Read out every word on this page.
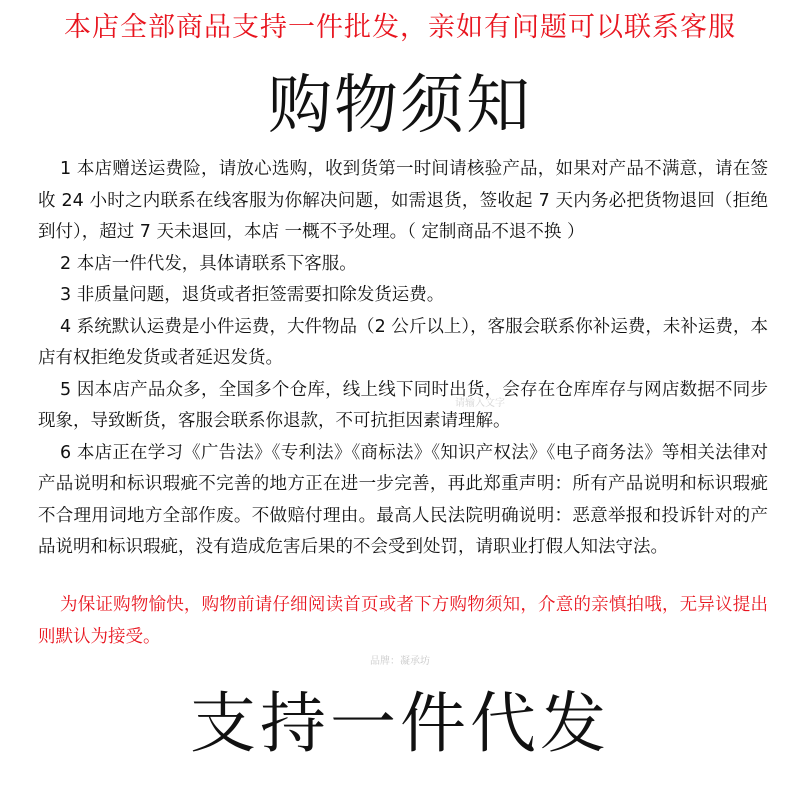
本店全部商品支持一件批发，亲如有问题可以联系客服
购物须知

1 本店赠送运费险，请放心选购，收到货第一时间请核验产品，如果对产品不满意，请在签收 24 小时之内联系在线客服为你解决问题，如需退货，签收起 7 天内务必把货物退回（拒绝到付），超过 7 天未退回，本店 一概不予处理。（ 定制商品不退不换 ）

2 本店一件代发，具体请联系下客服。

3 非质量问题，退货或者拒签需要扣除发货运费。

4 系统默认运费是小件运费，大件物品（2 公斤以上），客服会联系你补运费，未补运费，本店有权拒绝发货或者延迟发货。

5 因本店产品众多，全国多个仓库，线上线下同时出货，会存在仓库库存与网店数据不同步现象，导致断货，客服会联系你退款，不可抗拒因素请理解。

6 本店正在学习《广告法》《专利法》《商标法》《知识产权法》《电子商务法》等相关法律对产品说明和标识瑕疵不完善的地方正在进一步完善，再此郑重声明：所有产品说明和标识瑕疵不合理用词地方全部作废。不做赔付理由。最高人民法院明确说明：恶意举报和投诉针对的产品说明和标识瑕疵，没有造成危害后果的不会受到处罚，请职业打假人知法守法。

请输入文字

为保证购物愉快，购物前请仔细阅读首页或者下方购物须知，介意的亲慎拍哦，无异议提出则默认为接受。

品牌：凝承坊
支持一件代发
